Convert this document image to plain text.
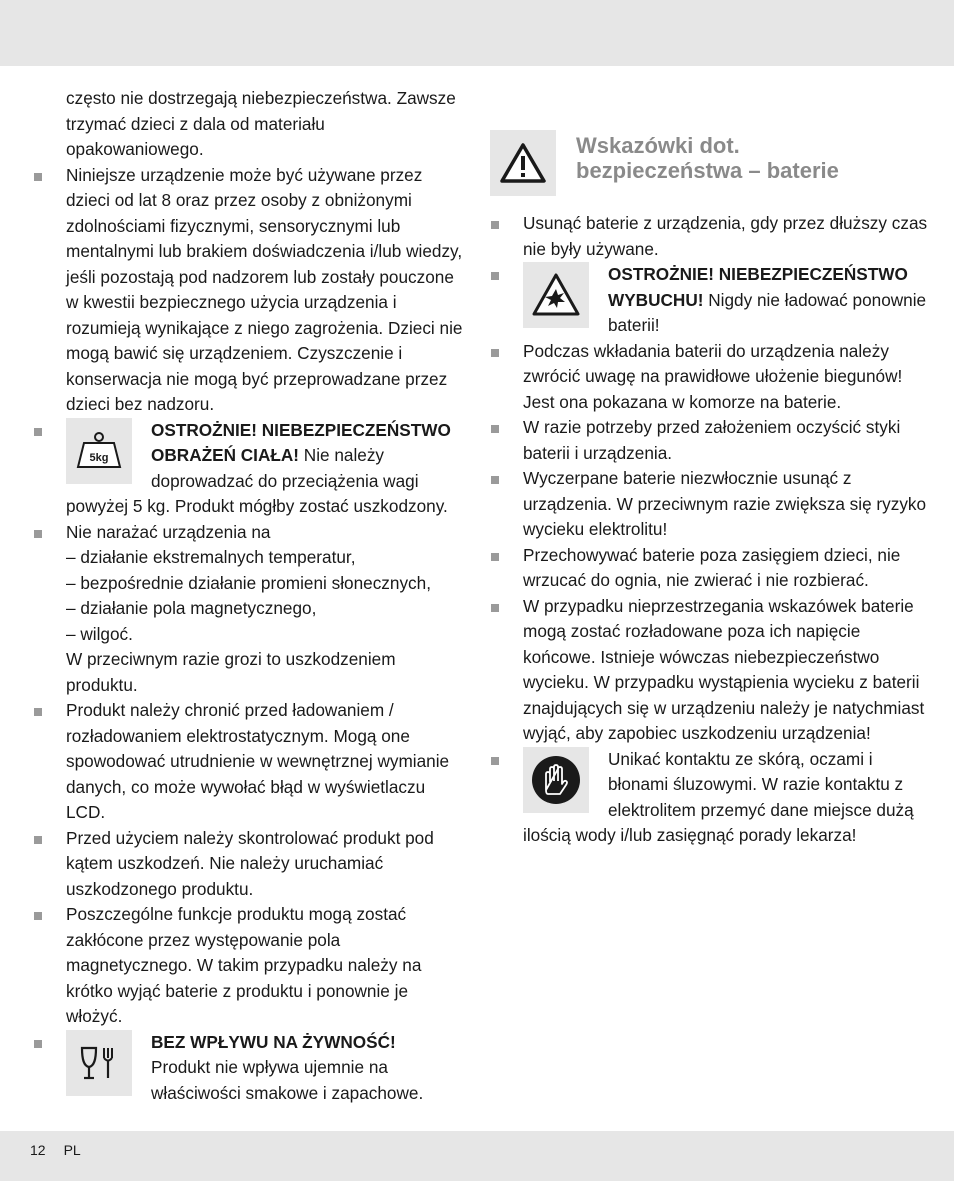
często nie dostrzegają niebezpieczeństwa. Zawsze trzymać dzieci z dala od materiału opakowaniowego.

Niniejsze urządzenie może być używane przez dzieci od lat 8 oraz przez osoby z obniżonymi zdolnościami fizycznymi, sensorycznymi lub mentalnymi lub brakiem doświadczenia i/lub wiedzy, jeśli pozostają pod nadzorem lub zostały pouczone w kwestii bezpiecznego użycia urządzenia i rozumieją wynikające z niego zagrożenia. Dzieci nie mogą bawić się urządzeniem. Czyszczenie i konserwacja nie mogą być przeprowadzane przez dzieci bez nadzoru.

5kg

OSTROŻNIE! NIEBEZPIECZEŃSTWO OBRAŻEŃ CIAŁA! Nie należy doprowadzać do przeciążenia wagi powyżej 5 kg. Produkt mógłby zostać uszkodzony.

Nie narażać urządzenia na

– działanie ekstremalnych temperatur,

– bezpośrednie działanie promieni słonecznych,

– działanie pola magnetycznego,

– wilgoć.

W przeciwnym razie grozi to uszkodzeniem produktu.

Produkt należy chronić przed ładowaniem / rozładowaniem elektrostatycznym. Mogą one spowodować utrudnienie w wewnętrznej wymianie danych, co może wywołać błąd w wyświetlaczu LCD.

Przed użyciem należy skontrolować produkt pod kątem uszkodzeń. Nie należy uruchamiać uszkodzonego produktu.

Poszczególne funkcje produktu mogą zostać zakłócone przez występowanie pola magnetycznego. W takim przypadku należy na krótko wyjąć baterie z produktu i ponownie je włożyć.

BEZ WPŁYWU NA ŻYWNOŚĆ!

Produkt nie wpływa ujemnie na właściwości smakowe i zapachowe.

Wskazówki dot.
bezpieczeństwa – baterie

Usunąć baterie z urządzenia, gdy przez dłuższy czas nie były używane.

OSTROŻNIE! NIEBEZPIECZEŃSTWO WYBUCHU! Nigdy nie ładować ponownie baterii!

Podczas wkładania baterii do urządzenia należy zwrócić uwagę na prawidłowe ułożenie biegunów! Jest ona pokazana w komorze na baterie.

W razie potrzeby przed założeniem oczyścić styki baterii i urządzenia.

Wyczerpane baterie niezwłocznie usunąć z urządzenia. W przeciwnym razie zwiększa się ryzyko wycieku elektrolitu!

Przechowywać baterie poza zasięgiem dzieci, nie wrzucać do ognia, nie zwierać i nie rozbierać.

W przypadku nieprzestrzegania wskazówek baterie mogą zostać rozładowane poza ich napięcie końcowe. Istnieje wówczas niebezpieczeństwo wycieku. W przypadku wystąpienia wycieku z baterii znajdujących się w urządzeniu należy je natychmiast wyjąć, aby zapobiec uszkodzeniu urządzenia!

Unikać kontaktu ze skórą, oczami i błonami śluzowymi. W razie kontaktu z elektrolitem przemyć dane miejsce dużą ilością wody i/lub zasięgnąć porady lekarza!

12 PL
